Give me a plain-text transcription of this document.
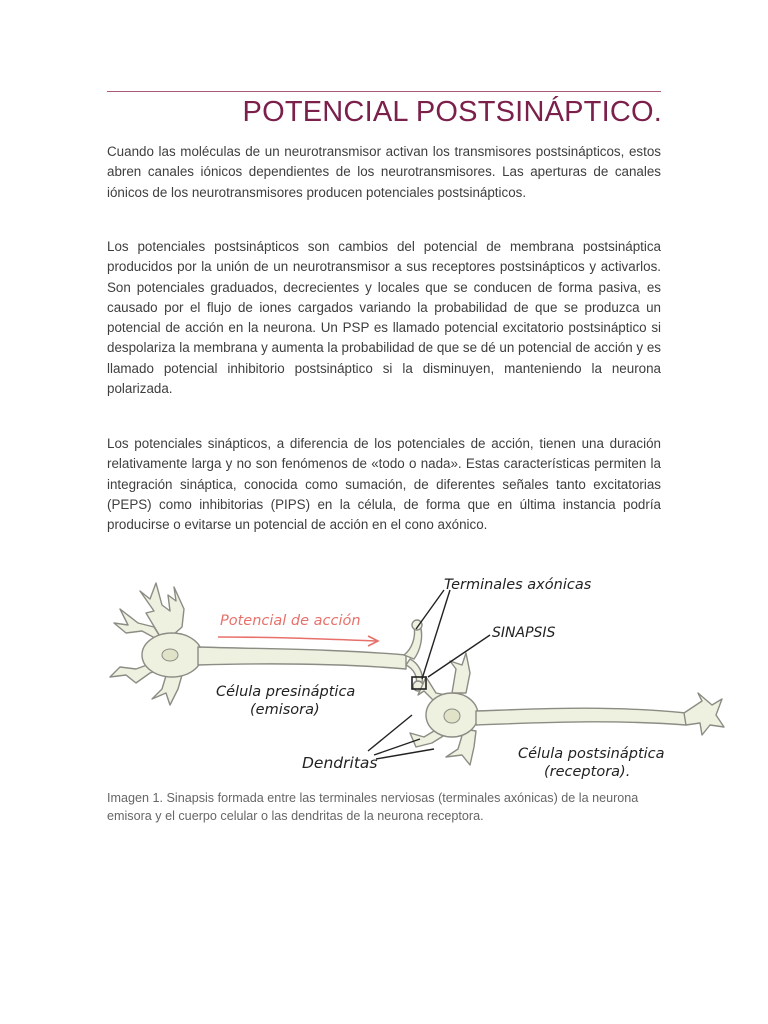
POTENCIAL POSTSINÁPTICO.

Cuando las moléculas de un neurotransmisor activan los transmisores postsinápticos, estos abren canales iónicos dependientes de los neurotransmisores. Las aperturas de canales iónicos de los neurotransmisores producen potenciales postsinápticos.

Los potenciales postsinápticos son cambios del potencial de membrana postsináptica producidos por la unión de un neurotransmisor a sus receptores postsinápticos y activarlos. Son potenciales graduados, decrecientes y locales que se conducen de forma pasiva, es causado por el flujo de iones cargados variando la probabilidad de que se produzca un potencial de acción en la neurona. Un PSP es llamado potencial excitatorio postsináptico si despolariza la membrana y aumenta la probabilidad de que se dé un potencial de acción y es llamado potencial inhibitorio postsináptico si la disminuyen, manteniendo la neurona polarizada.

Los potenciales sinápticos, a diferencia de los potenciales de acción, tienen una duración relativamente larga y no son fenómenos de «todo o nada». Estas características permiten la integración sináptica, conocida como sumación, de diferentes señales tanto excitatorias (PEPS) como inhibitorias (PIPS) en la célula, de forma que en última instancia podría producirse o evitarse un potencial de acción en el cono axónico.

Potencial de acción
Terminales axónicas
SINAPSIS
Célula presináptica
(emisora)
Dendritas	Célula postsináptica
(receptora).

Imagen 1. Sinapsis formada entre las terminales nerviosas (terminales axónicas) de la neurona emisora y el cuerpo celular o las dendritas de la neurona receptora.
